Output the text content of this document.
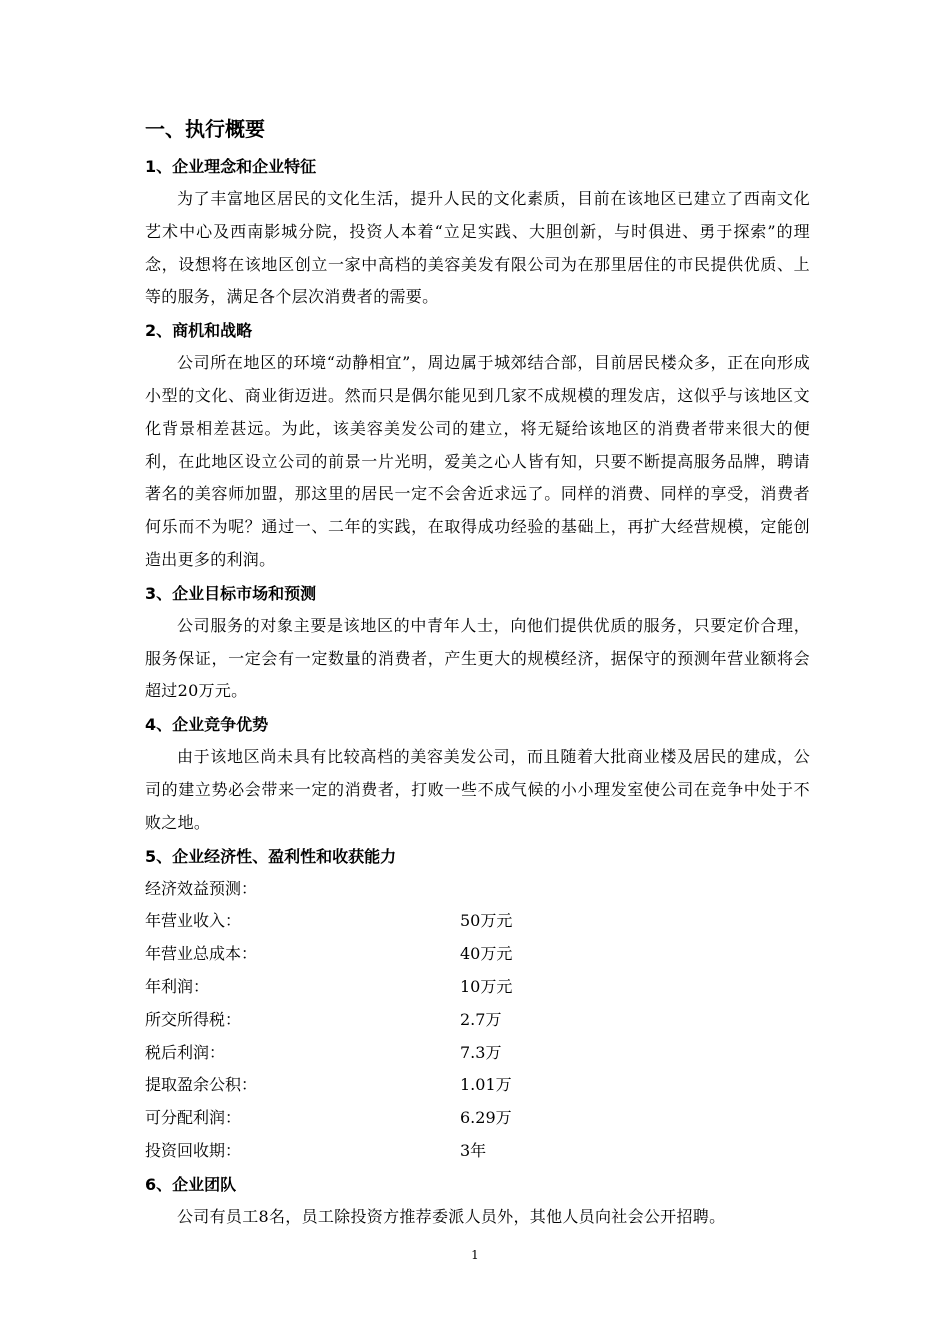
一、执行概要
1、企业理念和企业特征

为了丰富地区居民的文化生活，提升人民的文化素质，目前在该地区已建立了西南文化艺术中心及西南影城分院，投资人本着“立足实践、大胆创新，与时俱进、勇于探索”的理念，设想将在该地区创立一家中高档的美容美发有限公司为在那里居住的市民提供优质、上等的服务，满足各个层次消费者的需要。

2、商机和战略

公司所在地区的环境“动静相宜”，周边属于城郊结合部，目前居民楼众多，正在向形成小型的文化、商业街迈进。然而只是偶尔能见到几家不成规模的理发店，这似乎与该地区文化背景相差甚远。为此，该美容美发公司的建立，将无疑给该地区的消费者带来很大的便利，在此地区设立公司的前景一片光明，爱美之心人皆有知，只要不断提高服务品牌，聘请著名的美容师加盟，那这里的居民一定不会舍近求远了。同样的消费、同样的享受，消费者何乐而不为呢？通过一、二年的实践，在取得成功经验的基础上，再扩大经营规模，定能创造出更多的利润。

3、企业目标市场和预测

公司服务的对象主要是该地区的中青年人士，向他们提供优质的服务，只要定价合理，服务保证，一定会有一定数量的消费者，产生更大的规模经济，据保守的预测年营业额将会超过20万元。

4、企业竞争优势

由于该地区尚未具有比较高档的美容美发公司，而且随着大批商业楼及居民的建成，公司的建立势必会带来一定的消费者，打败一些不成气候的小小理发室使公司在竞争中处于不败之地。

5、企业经济性、盈利性和收获能力
经济效益预测：
年营业收入：	50万元
年营业总成本：	40万元
年利润：	10万元
所交所得税：	2.7万
税后利润：	7.3万
提取盈余公积：	1.01万
可分配利润：	6.29万
投资回收期：	3年
6、企业团队

公司有员工8名，员工除投资方推荐委派人员外，其他人员向社会公开招聘。

1
